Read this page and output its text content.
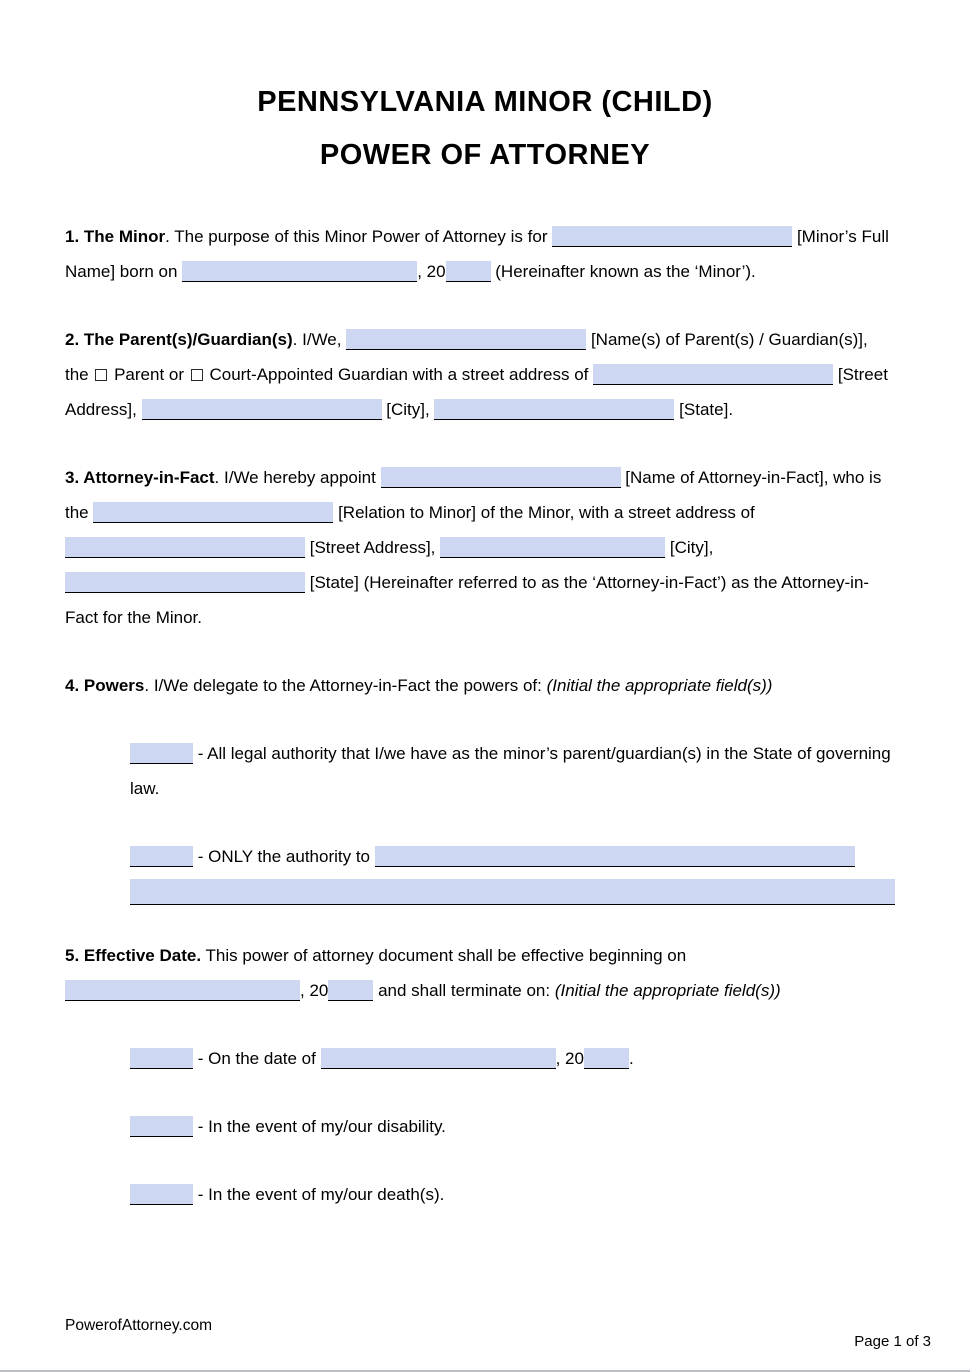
PENNSYLVANIA MINOR (CHILD)
POWER OF ATTORNEY

1. The Minor. The purpose of this Minor Power of Attorney is for	[Minor’s Full Name] born on	, 20	(Hereinafter known as the ‘Minor’).

2. The Parent(s)/Guardian(s). I/We,	[Name(s) of Parent(s) / Guardian(s)], the  Parent or  Court-Appointed Guardian with a street address of	[Street Address],	[City],	[State].

3. Attorney-in-Fact. I/We hereby appoint	[Name of Attorney-in-Fact], who is the	[Relation to Minor] of the Minor, with a street address of  [Street Address],	[City],  [State] (Hereinafter referred to as the ‘Attorney-in-Fact’) as the Attorney-in-Fact for the Minor.

4. Powers. I/We delegate to the Attorney-in-Fact the powers of: (Initial the appropriate field(s))

- All legal authority that I/we have as the minor’s parent/guardian(s) in the State of governing law.

- ONLY the authority to

5. Effective Date. This power of attorney document shall be effective beginning on , 20	and shall terminate on: (Initial the appropriate field(s))

- On the date of	, 20	.

- In the event of my/our disability.

- In the event of my/our death(s).

PowerofAttorney.com
Page 1 of 3
